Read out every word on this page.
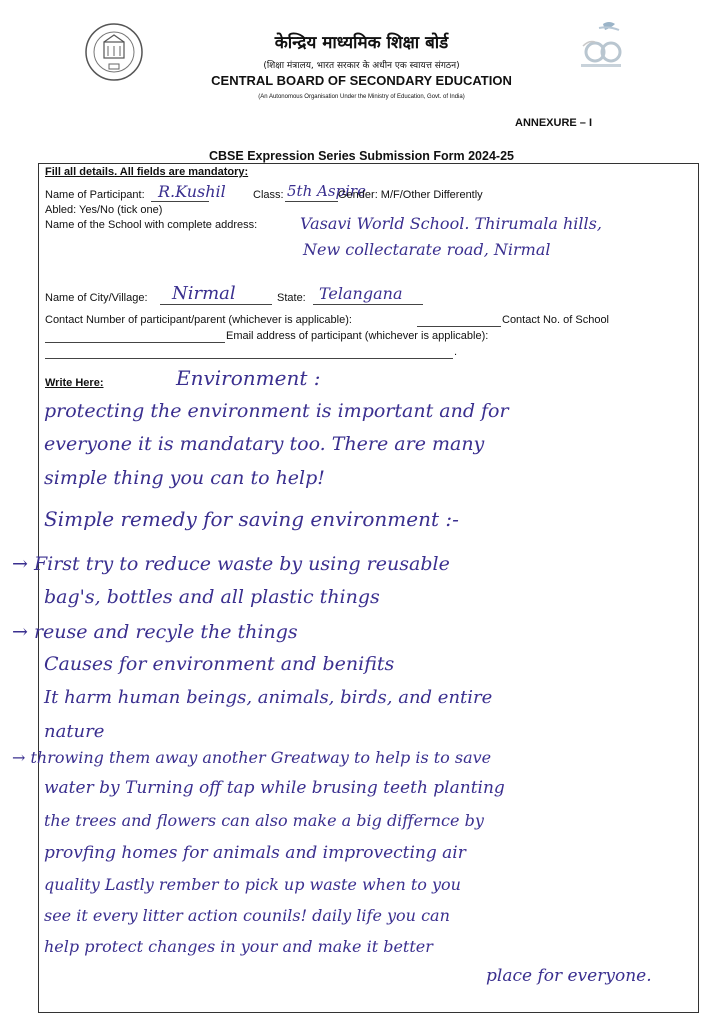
केन्द्रिय माध्यमिक शिक्षा बोर्ड
(शिक्षा मंत्रालय, भारत सरकार के अधीन एक स्वायत्त संगठन)
CENTRAL BOARD OF SECONDARY EDUCATION
(An Autonomous Organisation Under the Ministry of Education, Govt. of India)
ANNEXURE – I
CBSE Expression Series Submission Form 2024-25
Fill all details. All fields are mandatory:
Name of Participant: R.Kushil Class: 5th Aspire
Gender: M/F/Other Differently
Abled: Yes/No (tick one)
Name of the School with complete address:	Vasavi World School. Thirumala hills,
New collectarate road, Nirmal
Name of City/Village: Nirmal	State: Telangana
Contact Number of participant/parent (whichever is applicable):	Contact No. of School
Email address of participant (whichever is applicable):
.
Write Here:	Environment :
protecting the environment is important and for
everyone it is mandatary too. There are many
simple thing you can to help!
Simple remedy for saving environment :-
→ First try to reduce waste by using reusable
bag's, bottles and all plastic things
→ reuse and recyle the things
Causes for environment and benifits
It harm human beings, animals, birds, and entire
nature
→ throwing them away another Greatway to help is to save
water by Turning off tap while brusing teeth planting
the trees and flowers can also make a big differnce by
provfing homes for animals and improvecting air
quality Lastly rember to pick up waste when to you
see it every litter action counils! daily life you can
help protect changes in your and make it better
place for everyone.
